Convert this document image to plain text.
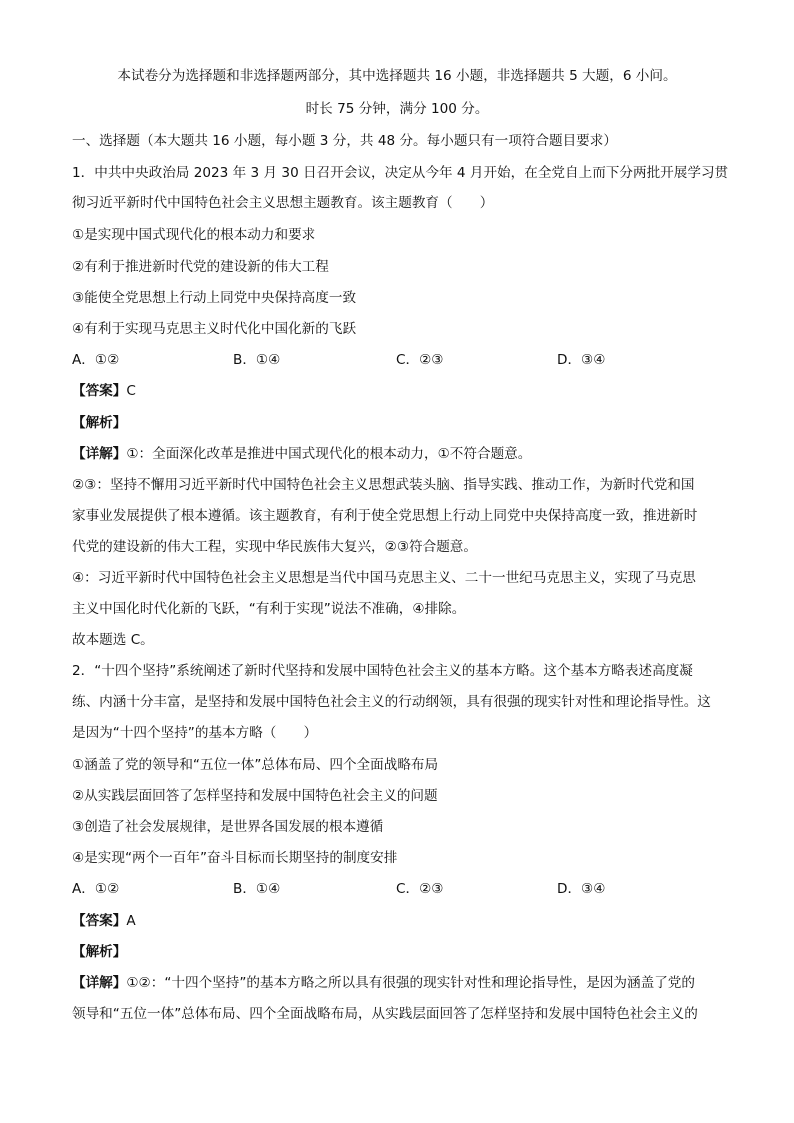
本试卷分为选择题和非选择题两部分，其中选择题共 16 小题，非选择题共 5 大题，6 小问。
时长 75 分钟，满分 100 分。
一、选择题（本大题共 16 小题，每小题 3 分，共 48 分。每小题只有一项符合题目要求）
1．中共中央政治局 2023 年 3 月 30 日召开会议，决定从今年 4 月开始，在全党自上而下分两批开展学习贯
彻习近平新时代中国特色社会主义思想主题教育。该主题教育（　　）
①是实现中国式现代化的根本动力和要求
②有利于推进新时代党的建设新的伟大工程
③能使全党思想上行动上同党中央保持高度一致
④有利于实现马克思主义时代化中国化新的飞跃
A．①②	B．①④	C．②③	D．③④
【答案】C
【解析】
【详解】①：全面深化改革是推进中国式现代化的根本动力，①不符合题意。
②③：坚持不懈用习近平新时代中国特色社会主义思想武装头脑、指导实践、推动工作，为新时代党和国
家事业发展提供了根本遵循。该主题教育，有利于使全党思想上行动上同党中央保持高度一致，推进新时
代党的建设新的伟大工程，实现中华民族伟大复兴，②③符合题意。
④：习近平新时代中国特色社会主义思想是当代中国马克思主义、二十一世纪马克思主义，实现了马克思
主义中国化时代化新的飞跃，“有利于实现”说法不准确，④排除。
故本题选 C。
2．“十四个坚持”系统阐述了新时代坚持和发展中国特色社会主义的基本方略。这个基本方略表述高度凝
练、内涵十分丰富，是坚持和发展中国特色社会主义的行动纲领，具有很强的现实针对性和理论指导性。这
是因为“十四个坚持”的基本方略（　　）
①涵盖了党的领导和“五位一体”总体布局、四个全面战略布局
②从实践层面回答了怎样坚持和发展中国特色社会主义的问题
③创造了社会发展规律，是世界各国发展的根本遵循
④是实现“两个一百年”奋斗目标而长期坚持的制度安排
A．①②	B．①④	C．②③	D．③④
【答案】A
【解析】
【详解】①②：“十四个坚持”的基本方略之所以具有很强的现实针对性和理论指导性，是因为涵盖了党的
领导和“五位一体”总体布局、四个全面战略布局，从实践层面回答了怎样坚持和发展中国特色社会主义的
